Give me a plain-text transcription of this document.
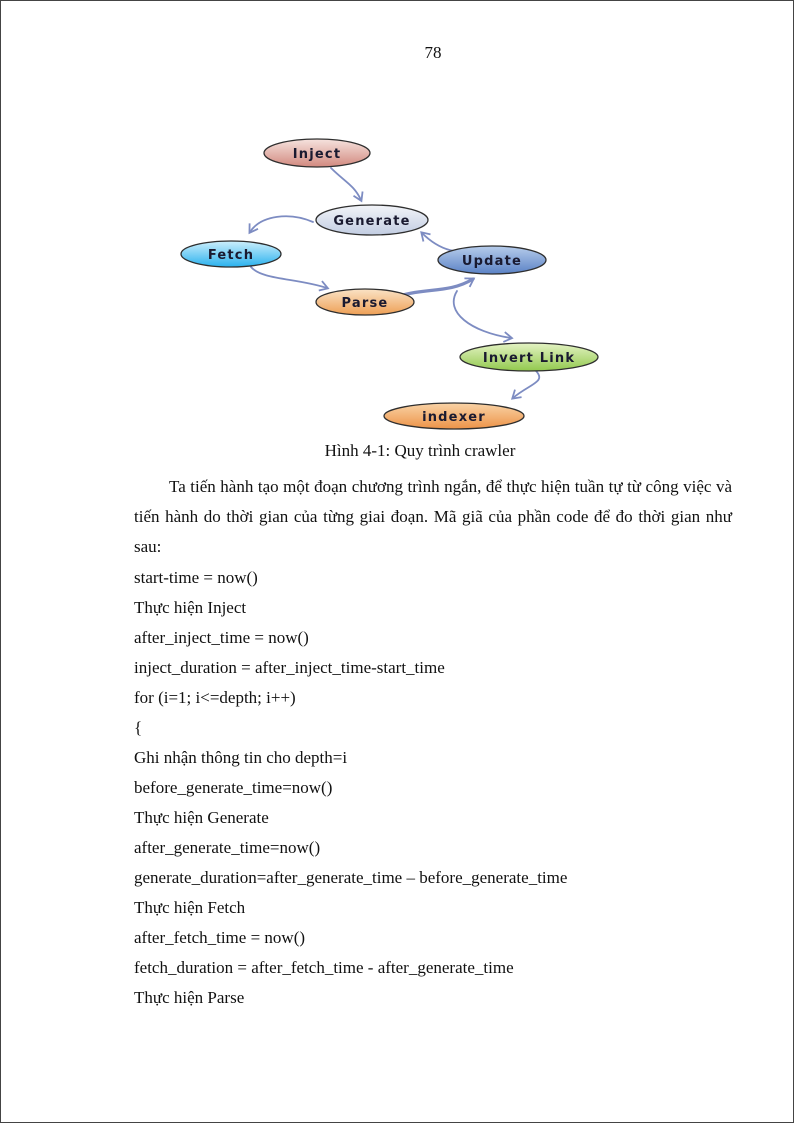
78
Inject
Generate
Fetch	Update
Parse
Invert Link
indexer
Hình 4-1: Quy trình crawler
Ta tiến hành tạo một đoạn chương trình ngắn, để thực hiện tuần tự từ công việc và tiến hành do thời gian của từng giai đoạn. Mã giã của phần code để đo thời gian như sau:
start-time = now()
Thực hiện Inject
after_inject_time = now()
inject_duration = after_inject_time-start_time
for (i=1; i<=depth; i++)
{
Ghi nhận thông tin cho depth=i
before_generate_time=now()
Thực hiện Generate
after_generate_time=now()
generate_duration=after_generate_time – before_generate_time
Thực hiện Fetch
after_fetch_time = now()
fetch_duration = after_fetch_time - after_generate_time
Thực hiện Parse
